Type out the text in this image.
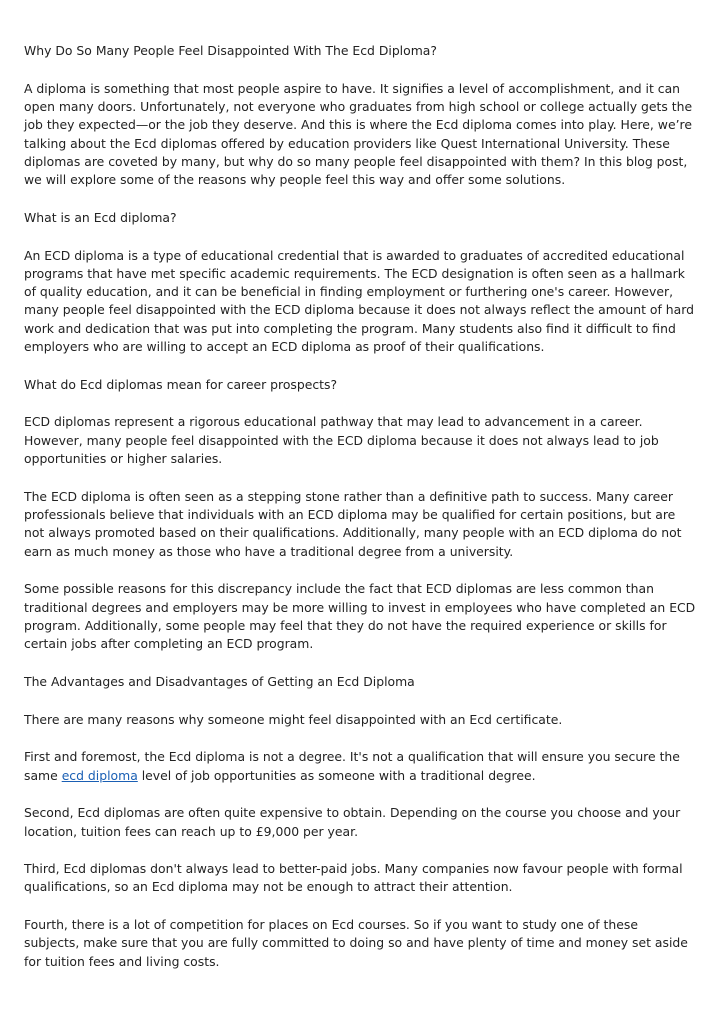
Why Do So Many People Feel Disappointed With The Ecd Diploma?

A diploma is something that most people aspire to have. It signifies a level of accomplishment, and it can open many doors. Unfortunately, not everyone who graduates from high school or college actually gets the job they expected—or the job they deserve. And this is where the Ecd diploma comes into play. Here, we’re talking about the Ecd diplomas offered by education providers like Quest International University. These diplomas are coveted by many, but why do so many people feel disappointed with them? In this blog post, we will explore some of the reasons why people feel this way and offer some solutions.

What is an Ecd diploma?

An ECD diploma is a type of educational credential that is awarded to graduates of accredited educational programs that have met specific academic requirements. The ECD designation is often seen as a hallmark of quality education, and it can be beneficial in finding employment or furthering one's career. However, many people feel disappointed with the ECD diploma because it does not always reflect the amount of hard work and dedication that was put into completing the program. Many students also find it difficult to find employers who are willing to accept an ECD diploma as proof of their qualifications.

What do Ecd diplomas mean for career prospects?

ECD diplomas represent a rigorous educational pathway that may lead to advancement in a career. However, many people feel disappointed with the ECD diploma because it does not always lead to job opportunities or higher salaries.

The ECD diploma is often seen as a stepping stone rather than a definitive path to success. Many career professionals believe that individuals with an ECD diploma may be qualified for certain positions, but are not always promoted based on their qualifications. Additionally, many people with an ECD diploma do not earn as much money as those who have a traditional degree from a university.

Some possible reasons for this discrepancy include the fact that ECD diplomas are less common than traditional degrees and employers may be more willing to invest in employees who have completed an ECD program. Additionally, some people may feel that they do not have the required experience or skills for certain jobs after completing an ECD program.

The Advantages and Disadvantages of Getting an Ecd Diploma

There are many reasons why someone might feel disappointed with an Ecd certificate.

First and foremost, the Ecd diploma is not a degree. It's not a qualification that will ensure you secure the same ecd diploma level of job opportunities as someone with a traditional degree.

Second, Ecd diplomas are often quite expensive to obtain. Depending on the course you choose and your location, tuition fees can reach up to £9,000 per year.

Third, Ecd diplomas don't always lead to better-paid jobs. Many companies now favour people with formal qualifications, so an Ecd diploma may not be enough to attract their attention.

Fourth, there is a lot of competition for places on Ecd courses. So if you want to study one of these subjects, make sure that you are fully committed to doing so and have plenty of time and money set aside for tuition fees and living costs.
